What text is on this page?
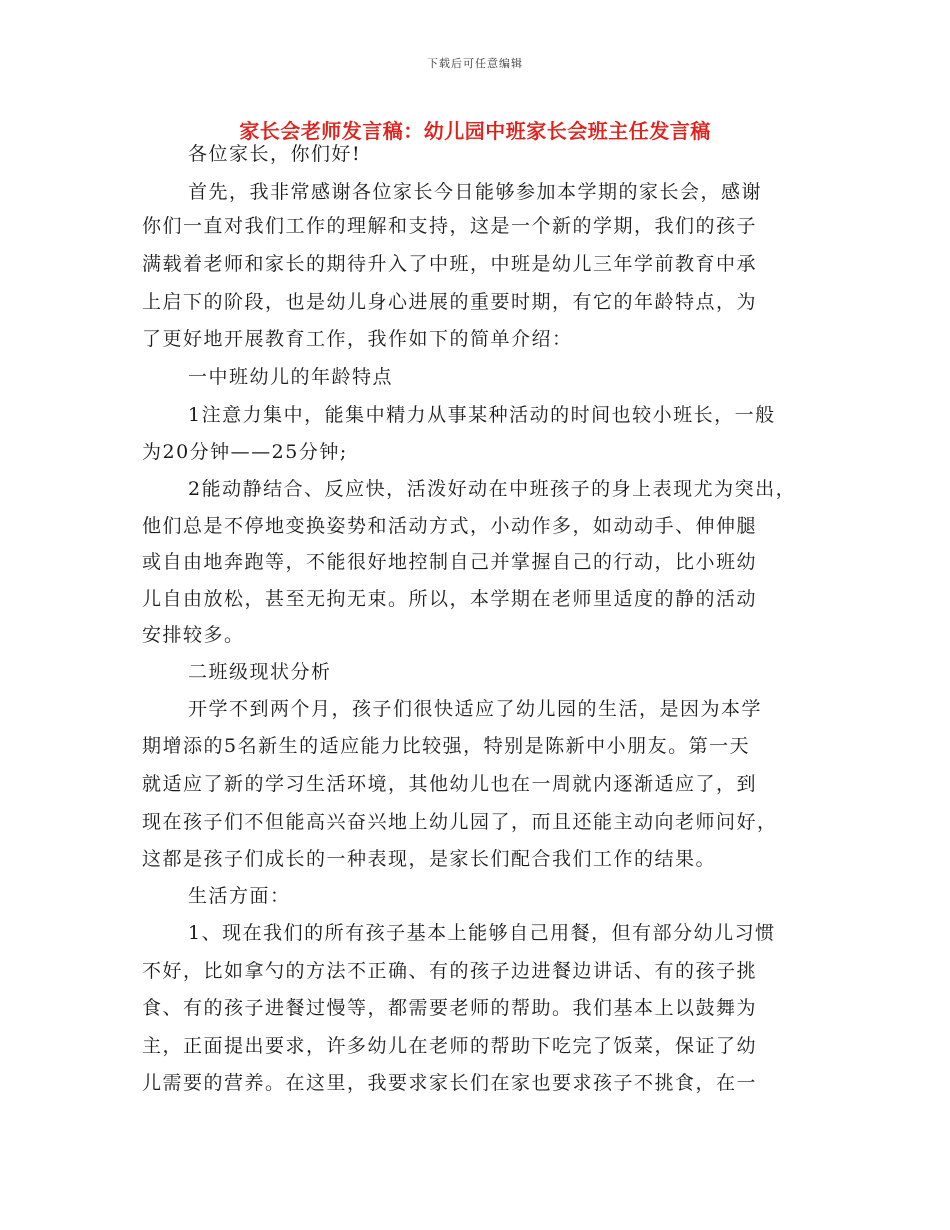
下载后可任意编辑
家长会老师发言稿：幼儿园中班家长会班主任发言稿
各位家长，你们好!
首先，我非常感谢各位家长今日能够参加本学期的家长会，感谢
你们一直对我们工作的理解和支持，这是一个新的学期，我们的孩子
满载着老师和家长的期待升入了中班，中班是幼儿三年学前教育中承
上启下的阶段，也是幼儿身心进展的重要时期，有它的年龄特点，为
了更好地开展教育工作，我作如下的简单介绍：
一中班幼儿的年龄特点
1注意力集中，能集中精力从事某种活动的时间也较小班长，一般
为20分钟——25分钟;
2能动静结合、反应快，活泼好动在中班孩子的身上表现尤为突出，
他们总是不停地变换姿势和活动方式，小动作多，如动动手、伸伸腿
或自由地奔跑等，不能很好地控制自己并掌握自己的行动，比小班幼
儿自由放松，甚至无拘无束。所以，本学期在老师里适度的静的活动
安排较多。
二班级现状分析
开学不到两个月，孩子们很快适应了幼儿园的生活，是因为本学
期增添的5名新生的适应能力比较强，特别是陈新中小朋友。第一天
就适应了新的学习生活环境，其他幼儿也在一周就内逐渐适应了，到
现在孩子们不但能高兴奋兴地上幼儿园了，而且还能主动向老师问好，
这都是孩子们成长的一种表现，是家长们配合我们工作的结果。
生活方面：
1、现在我们的所有孩子基本上能够自己用餐，但有部分幼儿习惯
不好，比如拿勺的方法不正确、有的孩子边进餐边讲话、有的孩子挑
食、有的孩子进餐过慢等，都需要老师的帮助。我们基本上以鼓舞为
主，正面提出要求，许多幼儿在老师的帮助下吃完了饭菜，保证了幼
儿需要的营养。在这里，我要求家长们在家也要求孩子不挑食，在一
